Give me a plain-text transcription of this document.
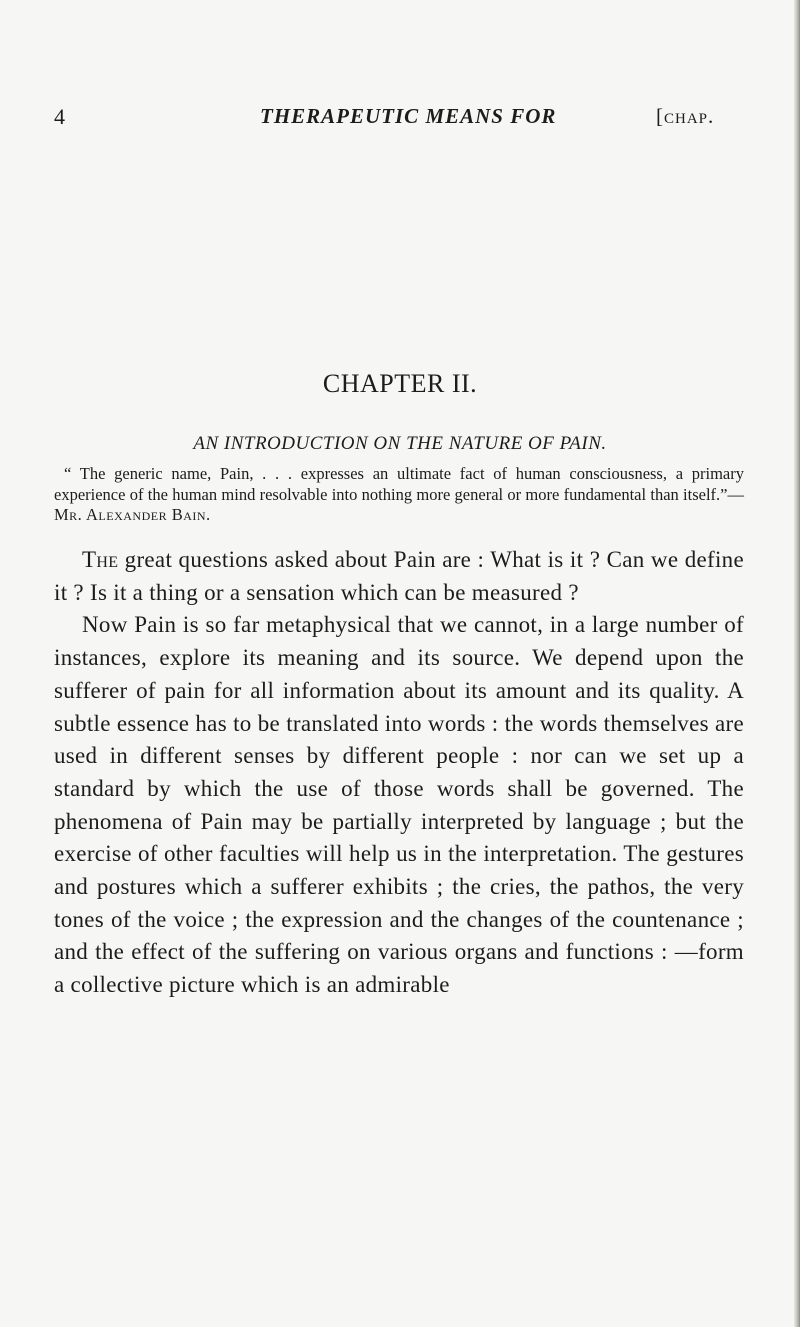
4	THERAPEUTIC MEANS FOR	[chap.
CHAPTER II.
AN INTRODUCTION ON THE NATURE OF PAIN.
“ The generic name, Pain, . . . expresses an ultimate fact of human consciousness, a primary experience of the human mind resolvable into nothing more general or more fundamental than itself.”—Mr. Alexander Bain.

The great questions asked about Pain are : What is it ? Can we define it ? Is it a thing or a sensation which can be measured ?

Now Pain is so far metaphysical that we cannot, in a large number of instances, explore its meaning and its source. We depend upon the sufferer of pain for all information about its amount and its quality. A subtle essence has to be translated into words : the words themselves are used in different senses by different people : nor can we set up a standard by which the use of those words shall be governed. The phenomena of Pain may be partially interpreted by language ; but the exercise of other faculties will help us in the interpretation. The gestures and postures which a sufferer exhibits ; the cries, the pathos, the very tones of the voice ; the expression and the changes of the countenance ; and the effect of the suffering on various organs and functions : —form a collective picture which is an admirable
